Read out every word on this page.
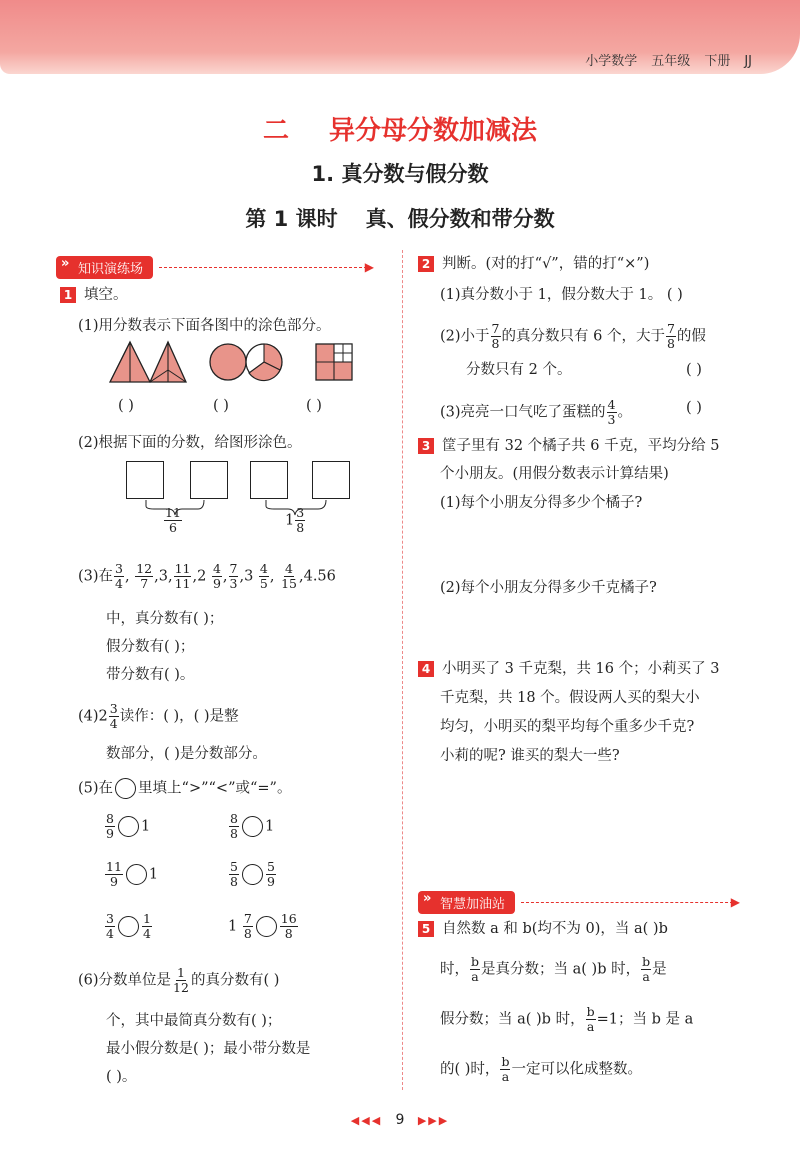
小学数学 五年级 下册 JJ
二 异分母分数加减法
1. 真分数与假分数
第 1 课时 真、假分数和带分数
» 知识演练场	▶
1 填空。
(1)用分数表示下面各图中的涂色部分。
( )	( )	( )
(2)根据下面的分数，给图形涂色。
$\frac{11}{6}$	$1 \frac{3}{8}$
(3)在 $\frac{3}{4}$ , $\frac{12}{7} ,3$, $\frac{11}{11} ,2 \frac{4}{9}$ , $\frac{7}{3} ,3 \frac{4}{5}$ , $\frac{4}{15} ,4.56$
中，真分数有( )；
假分数有( )；
带分数有( )。
$(4)2 \frac{3}{4}$ 读作：( )，( )是整
数部分，( )是分数部分。
(5)在 里填上“>”“<”或“=”。
$\frac{8}{9} 1$	$\frac{8}{8} 1$
$\frac{11}{9} 1$	$\frac{5}{8} \frac{5}{9}$
$\frac{3}{4} \frac{1}{4}$	$1 \frac{7}{8} \frac{16}{8}$
(6)分数单位是 $\frac{1}{12}$ 的真分数有( )
个，其中最简真分数有( )；
最小假分数是( )；最小带分数是
( )。
2 判断。(对的打“√”，错的打“×”)
(1)真分数小于 1，假分数大于 1。 ( )
(2)小于 $\frac{7}{8}$ 的真分数只有 6 个，大于 $\frac{7}{8}$ 的假
分数只有 2 个。	( )
(3)亮亮一口气吃了蛋糕的 $\frac{4}{3}$ 。	( )
3 筐子里有 32 个橘子共 6 千克，平均分给 5
个小朋友。(用假分数表示计算结果)
(1)每个小朋友分得多少个橘子?
(2)每个小朋友分得多少千克橘子?
4 小明买了 3 千克梨，共 16 个；小莉买了 3
千克梨，共 18 个。假设两人买的梨大小
均匀，小明买的梨平均每个重多少千克?
小莉的呢? 谁买的梨大一些?
» 智慧加油站	▶
5 自然数 a 和 b(均不为 0)，当 a( )b
时， $\frac{b}{a}$ 是真分数；当 a( )b 时， $\frac{b}{a}$ 是
假分数；当 a( )b 时， $\frac{b}{a} =1$；当 b 是 a
的( )时， $\frac{b}{a}$ 一定可以化成整数。
◀◀◀ 9 ▶▶▶
